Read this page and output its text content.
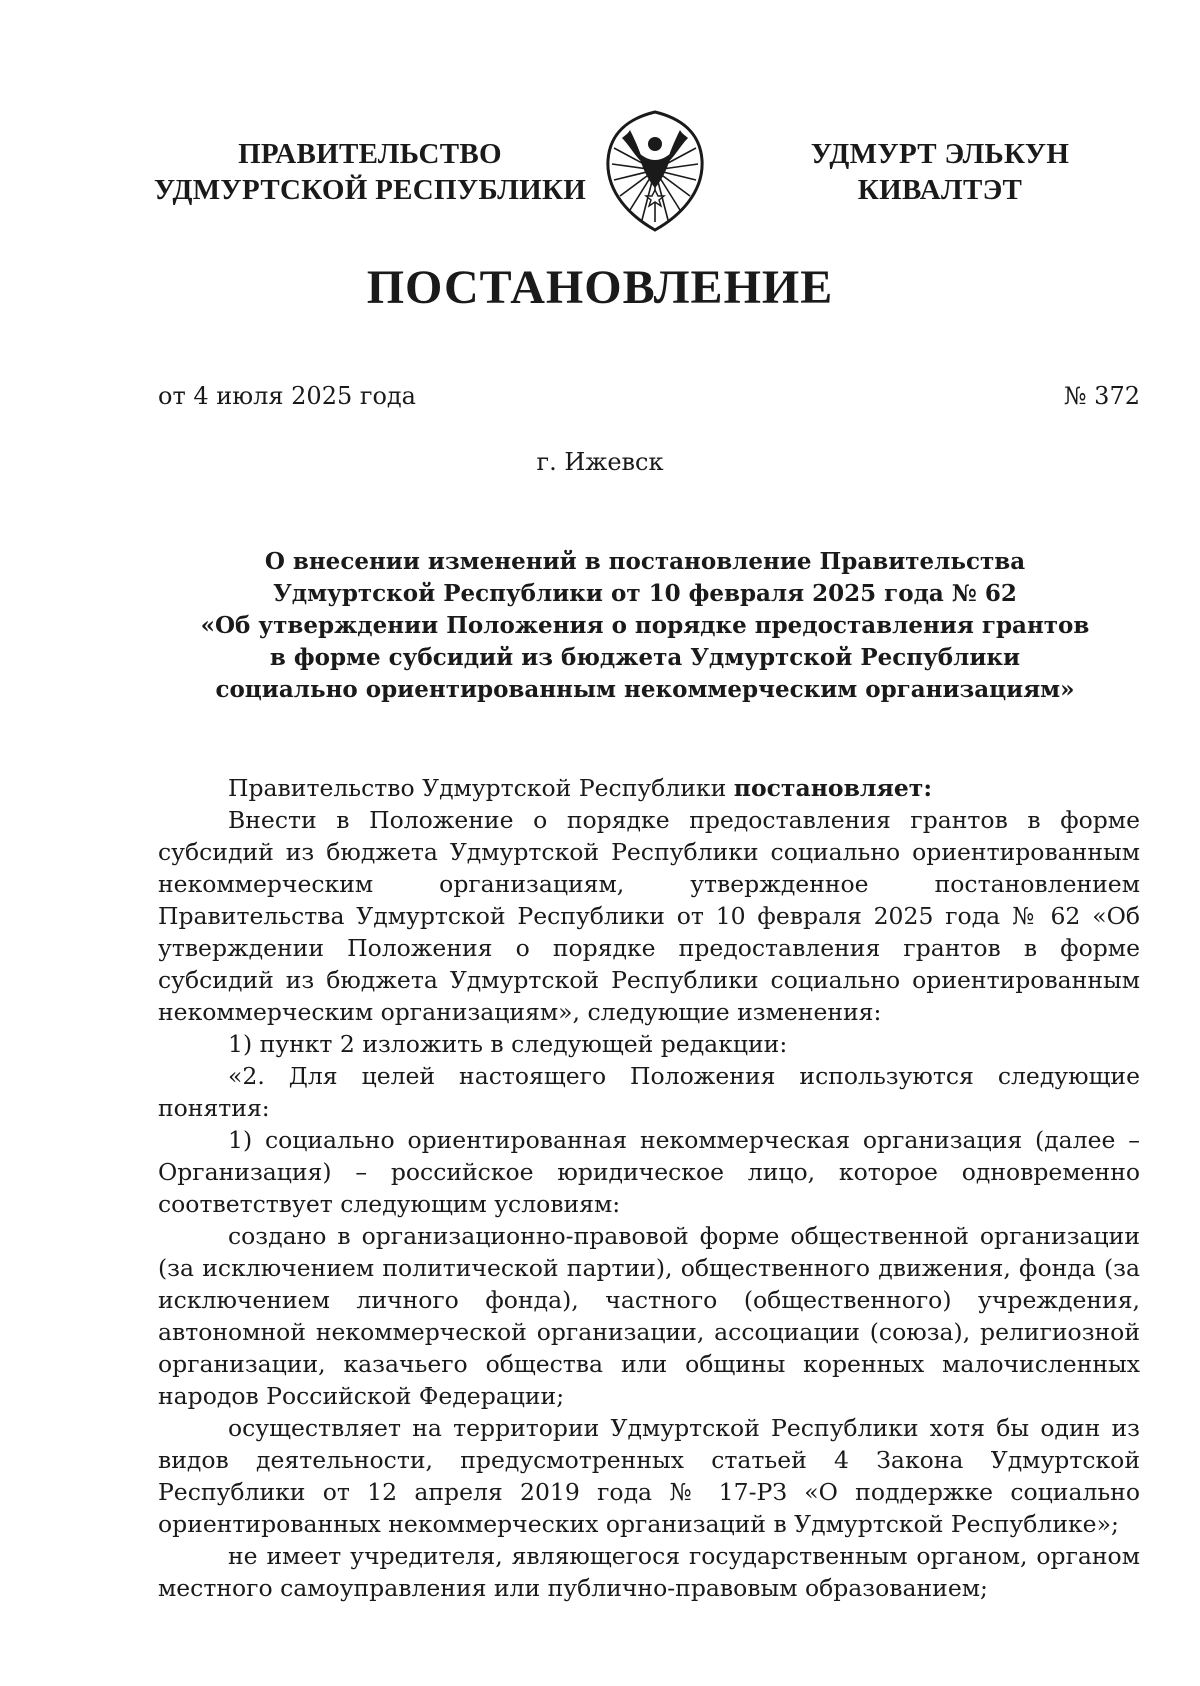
ПРАВИТЕЛЬСТВО
УДМУРТСКОЙ РЕСПУБЛИКИ
УДМУРТ ЭЛЬКУН
КИВАЛТЭТ
ПОСТАНОВЛЕНИЕ
от 4 июля 2025 года	№ 372
г. Ижевск
О внесении изменений в постановление Правительства
Удмуртской Республики от 10 февраля 2025 года № 62
«Об утверждении Положения о порядке предоставления грантов
в форме субсидий из бюджета Удмуртской Республики
социально ориентированным некоммерческим организациям»

Правительство Удмуртской Республики постановляет:

Внести в Положение о порядке предоставления грантов в форме субсидий из бюджета Удмуртской Республики социально ориентированным некоммерческим организациям, утвержденное постановлением Правительства Удмуртской Республики от 10 февраля 2025 года № 62 «Об утверждении Положения о порядке предоставления грантов в форме субсидий из бюджета Удмуртской Республики социально ориентированным некоммерческим организациям», следующие изменения:

1) пункт 2 изложить в следующей редакции:

«2. Для целей настоящего Положения используются следующие понятия:

1) социально ориентированная некоммерческая организация (далее – Организация) – российское юридическое лицо, которое одновременно соответствует следующим условиям:

создано в организационно-правовой форме общественной организации (за исключением политической партии), общественного движения, фонда (за исключением личного фонда), частного (общественного) учреждения, автономной некоммерческой организации, ассоциации (союза), религиозной организации, казачьего общества или общины коренных малочисленных народов Российской Федерации;

осуществляет на территории Удмуртской Республики хотя бы один из видов деятельности, предусмотренных статьей 4 Закона Удмуртской Республики от 12 апреля 2019 года № 17-РЗ «О поддержке социально ориентированных некоммерческих организаций в Удмуртской Республике»;

не имеет учредителя, являющегося государственным органом, органом местного самоуправления или публично-правовым образованием;
